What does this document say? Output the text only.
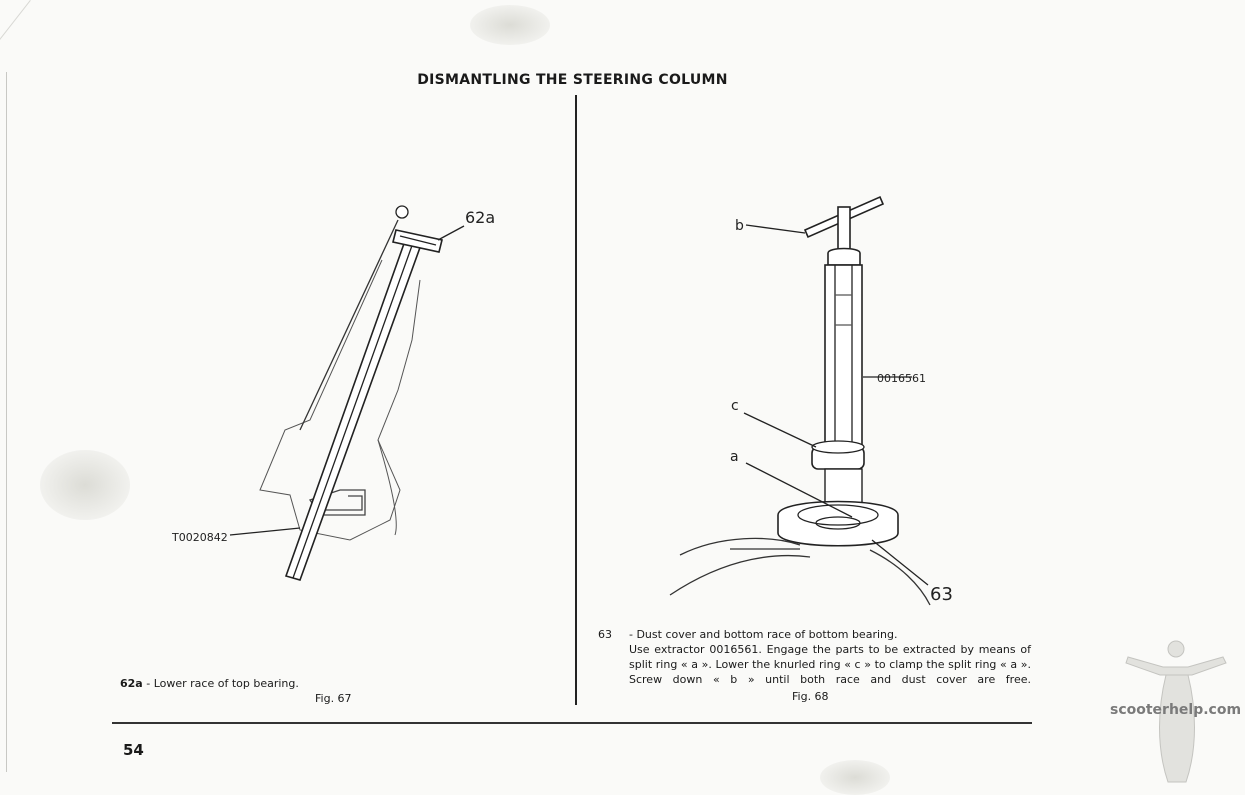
DISMANTLING THE STEERING COLUMN
62a
T0020842
b
0016561
c
a
63
62a - Lower race of top bearing.
Fig. 67
63 - Dust cover and bottom race of bottom bearing.
Use extractor 0016561. Engage the parts to be extracted by means of split ring « a ». Lower the knurled ring « c » to clamp the split ring « a ». Screw down « b » until both race and dust cover are free.
Fig. 68
54
scooterhelp.com
